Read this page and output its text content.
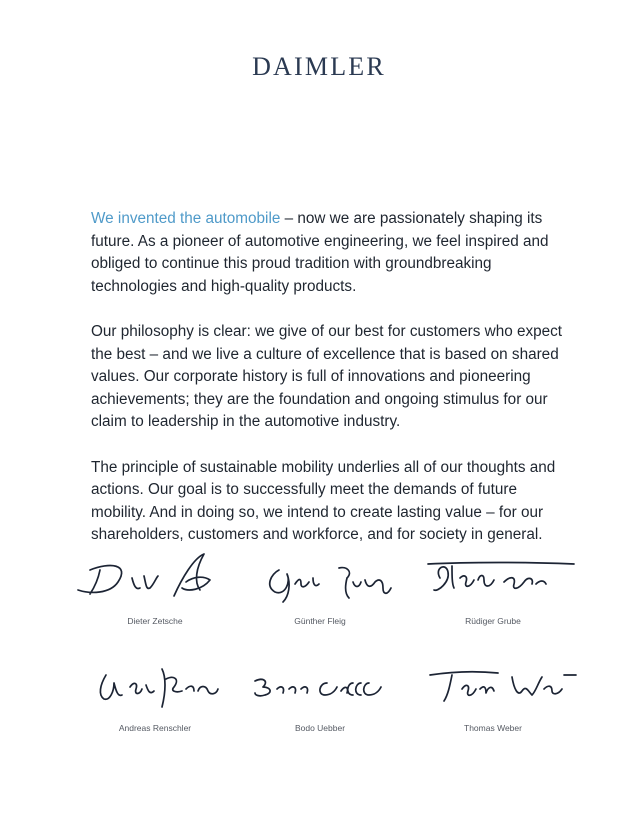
DAIMLER

We invented the automobile – now we are passionately shaping its future. As a pioneer of automotive engineering, we feel inspired and obliged to continue this proud tradition with groundbreaking technologies and high-quality products.

Our philosophy is clear: we give of our best for customers who expect the best – and we live a culture of excellence that is based on shared values. Our corporate history is full of innovations and pioneering achievements; they are the foundation and ongoing stimulus for our claim to leadership in the automotive industry.

The principle of sustainable mobility underlies all of our thoughts and actions. Our goal is to successfully meet the demands of future mobility. And in doing so, we intend to create lasting value – for our shareholders, customers and workforce, and for society in general.

Dieter Zetsche	Günther Fleig	Rüdiger Grube
Andreas Renschler	Bodo Uebber	Thomas Weber
